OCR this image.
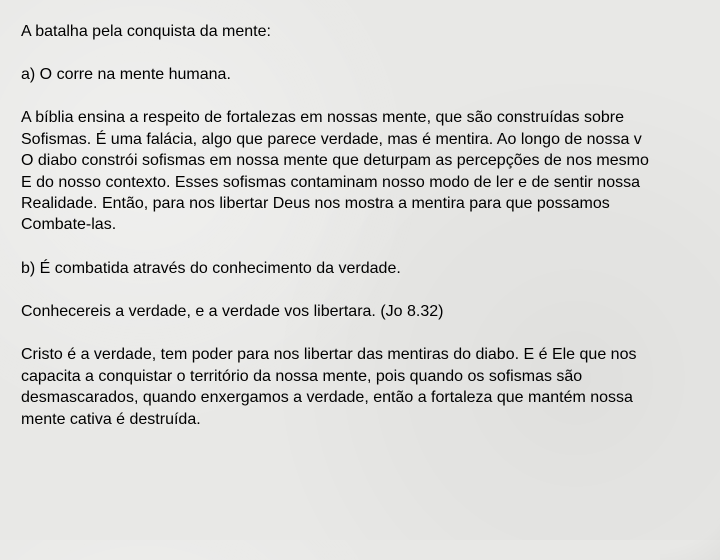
A batalha pela conquista da mente:

a) O corre na mente humana.

A bíblia ensina a respeito de fortalezas em nossas mente, que são construídas sobre

Sofismas. É uma falácia, algo que parece verdade, mas é mentira. Ao longo de nossa v

O diabo constrói sofismas em nossa mente que deturpam as percepções de nos mesmo

E do nosso contexto. Esses sofismas contaminam nosso modo de ler e de sentir nossa

Realidade. Então, para nos libertar Deus nos mostra a mentira para que possamos

Combate-las.

b) É combatida através do conhecimento da verdade.

Conhecereis a verdade, e a verdade vos libertara. (Jo 8.32)

Cristo é a verdade, tem poder para nos libertar das mentiras do diabo. E é Ele que nos

capacita a conquistar o território da nossa mente, pois quando os sofismas são

desmascarados, quando enxergamos a verdade, então a fortaleza que mantém nossa

mente cativa é destruída.
